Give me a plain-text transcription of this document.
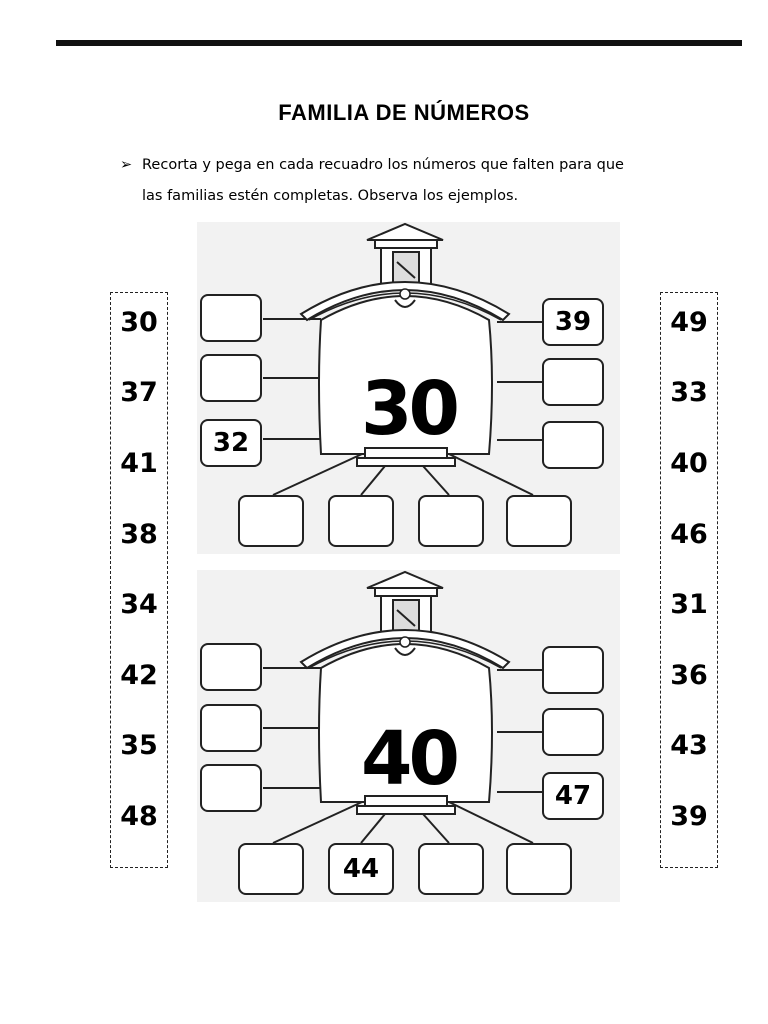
FAMILIA DE NÚMEROS
➢ Recorta y pega en cada recuadro los números que falten para que
las familias estén completas. Observa los ejemplos.
30
37
41
38
34
42
35
48
49
33
40
46
31
36
43
39
30
32
39
40	47
44
